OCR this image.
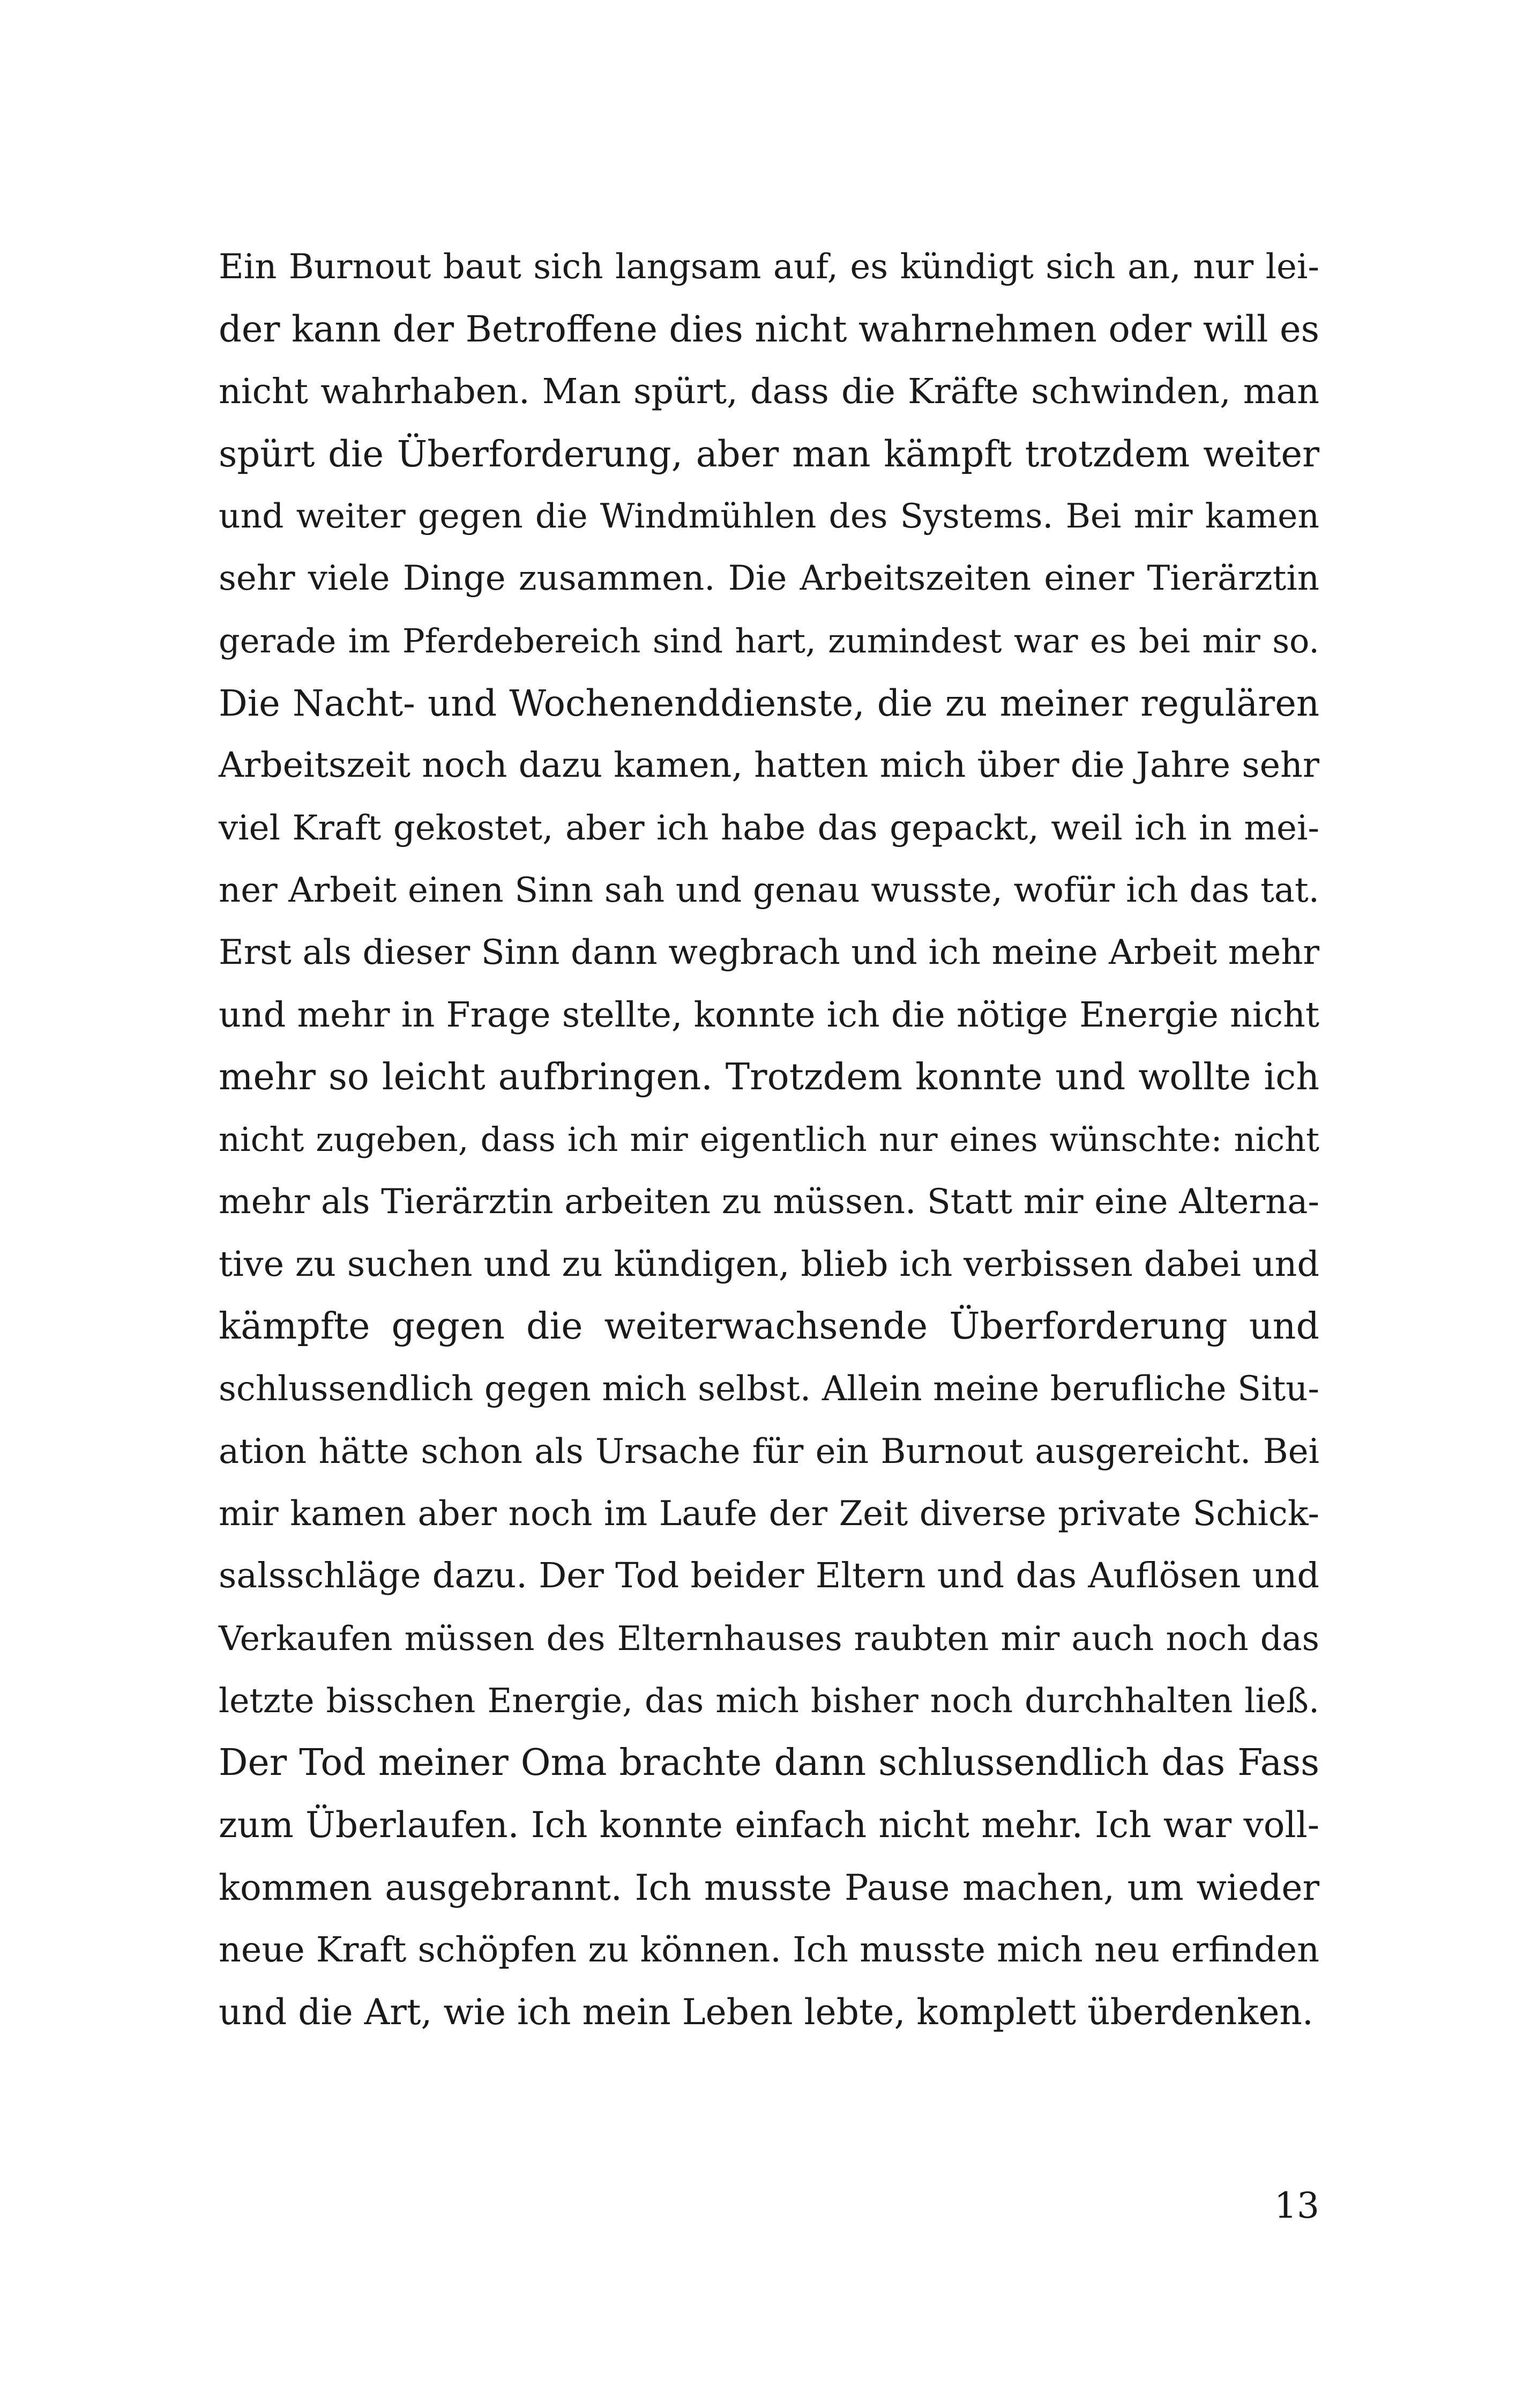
Ein Burnout baut sich langsam auf, es kündigt sich an, nur lei-
der kann der Betroffene dies nicht wahrnehmen oder will es
nicht wahrhaben. Man spürt, dass die Kräfte schwinden, man
spürt die Überforderung, aber man kämpft trotzdem weiter
und weiter gegen die Windmühlen des Systems. Bei mir kamen
sehr viele Dinge zusammen. Die Arbeitszeiten einer Tierärztin
gerade im Pferdebereich sind hart, zumindest war es bei mir so.
Die Nacht- und Wochenenddienste, die zu meiner regulären
Arbeitszeit noch dazu kamen, hatten mich über die Jahre sehr
viel Kraft gekostet, aber ich habe das gepackt, weil ich in mei-
ner Arbeit einen Sinn sah und genau wusste, wofür ich das tat.
Erst als dieser Sinn dann wegbrach und ich meine Arbeit mehr
und mehr in Frage stellte, konnte ich die nötige Energie nicht
mehr so leicht aufbringen. Trotzdem konnte und wollte ich
nicht zugeben, dass ich mir eigentlich nur eines wünschte: nicht
mehr als Tierärztin arbeiten zu müssen. Statt mir eine Alterna-
tive zu suchen und zu kündigen, blieb ich verbissen dabei und
kämpfte gegen die weiterwachsende Überforderung und
schlussendlich gegen mich selbst. Allein meine berufliche Situ-
ation hätte schon als Ursache für ein Burnout ausgereicht. Bei
mir kamen aber noch im Laufe der Zeit diverse private Schick-
salsschläge dazu. Der Tod beider Eltern und das Auflösen und
Verkaufen müssen des Elternhauses raubten mir auch noch das
letzte bisschen Energie, das mich bisher noch durchhalten ließ.
Der Tod meiner Oma brachte dann schlussendlich das Fass
zum Überlaufen. Ich konnte einfach nicht mehr. Ich war voll-
kommen ausgebrannt. Ich musste Pause machen, um wieder
neue Kraft schöpfen zu können. Ich musste mich neu erfinden
und die Art, wie ich mein Leben lebte, komplett überdenken.
13
